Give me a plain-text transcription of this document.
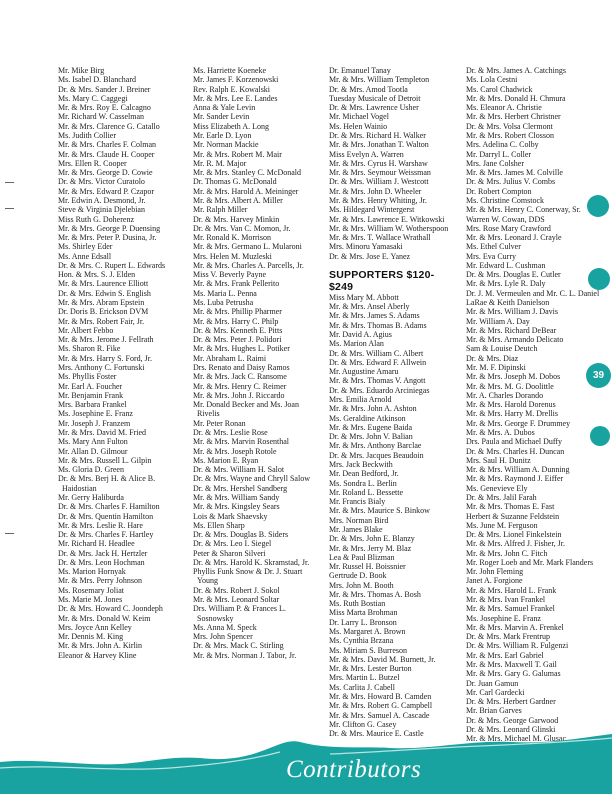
Mr. Mike Birg
Ms. Isabel D. Blanchard
Dr. & Mrs. Sander J. Breiner
Ms. Mary C. Caggegi
Mr. & Mrs. Roy E. Calcagno
Mr. Richard W. Casselman
Mr. & Mrs. Clarence G. Catallo
Ms. Judith Collier
Mr. & Mrs. Charles F. Colman
Mr. & Mrs. Claude H. Cooper
Mrs. Ellen R. Cooper
Mr. & Mrs. George D. Cowie
Dr. & Mrs. Victor Curatolo
Mr. & Mrs. Edward P. Czapor
Mr. Edwin A. Desmond, Jr.
Steve & Virginia Djelebian
Miss Ruth G. Doherenz
Mr. & Mrs. George P. Duensing
Mr. & Mrs. Peter P. Dusina, Jr.
Ms. Shirley Eder
Ms. Anne Edsall
Dr. & Mrs. C. Rupert L. Edwards
Hon. & Mrs. S. J. Elden
Mr. & Mrs. Laurence Elliott
Dr. & Mrs. Edwin S. English
Mr. & Mrs. Abram Epstein
Dr. Doris B. Erickson DVM
Mr. & Mrs. Robert Fair, Jr.
Mr. Albert Febbo
Mr. & Mrs. Jerome J. Fellrath
Ms. Sharon R. Fike
Mr. & Mrs. Harry S. Ford, Jr.
Mrs. Anthony C. Fortunski
Ms. Phyllis Foster
Mr. Earl A. Foucher
Mr. Benjamin Frank
Mrs. Barbara Frankel
Ms. Josephine E. Franz
Mr. Joseph J. Franzem
Mr. & Mrs. David M. Fried
Ms. Mary Ann Fulton
Mr. Allan D. Gilmour
Mr. & Mrs. Russell L. Gilpin
Ms. Gloria D. Green
Dr. & Mrs. Berj H. & Alice B.
Haidostian
Mr. Gerry Haliburda
Dr. & Mrs. Charles F. Hamilton
Dr. & Mrs. Quentin Hamilton
Mr. & Mrs. Leslie R. Hare
Dr. & Mrs. Charles F. Hartley
Mr. Richard H. Headlee
Dr. & Mrs. Jack H. Hertzler
Dr. & Mrs. Leon Hochman
Ms. Marion Hornyak
Mr. & Mrs. Perry Johnson
Ms. Rosemary Joliat
Ms. Marie M. Jones
Dr. & Mrs. Howard C. Joondeph
Mr. & Mrs. Donald W. Keim
Mrs. Joyce Ann Kelley
Mr. Dennis M. King
Mr. & Mrs. John A. Kirlin
Eleanor & Harvey Kline
Ms. Harriette Koeneke
Mr. James F. Korzenowski
Rev. Ralph E. Kowalski
Mr. & Mrs. Lee E. Landes
Anna & Yale Levin
Mr. Sander Levin
Miss Elizabeth A. Long
Mr. Earle D. Lyon
Mr. Norman Mackie
Mr. & Mrs. Robert M. Mair
Mr. R. M. Major
Mr. & Mrs. Stanley C. McDonald
Dr. Thomas G. McDonald
Mr. & Mrs. Harold A. Meininger
Mr. & Mrs. Albert A. Miller
Mr. Ralph Miller
Dr. & Mrs. Harvey Minkin
Dr. & Mrs. Van C. Momon, Jr.
Mr. Ronald K. Morrison
Mr. & Mrs. Germano L. Mularoni
Mrs. Helen M. Muzleski
Mr. & Mrs. Charles A. Parcells, Jr.
Miss V. Beverly Payne
Mr. & Mrs. Frank Pellerito
Ms. Maria L. Penna
Ms. Luba Petrusha
Mr. & Mrs. Phillip Pharmer
Mr. & Mrs. Harry C. Philp
Dr. & Mrs. Kenneth E. Pitts
Dr. & Mrs. Peter J. Polidori
Mr. & Mrs. Hughes L. Potiker
Mr. Abraham L. Raimi
Drs. Renato and Daisy Ramos
Mr. & Mrs. Jack C. Ransome
Mr. & Mrs. Henry C. Reimer
Mr. & Mrs. John J. Riccardo
Mr. Donald Becker and Ms. Joan
Rivelis
Mr. Peter Ronan
Dr. & Mrs. Leslie Rose
Mr. & Mrs. Marvin Rosenthal
Mr. & Mrs. Joseph Rotole
Ms. Marion E. Ryan
Dr. & Mrs. William H. Salot
Dr. & Mrs. Wayne and Chryll Salow
Dr. & Mrs. Hershel Sandberg
Mr. & Mrs. William Sandy
Mr. & Mrs. Kingsley Sears
Lois & Mark Shaevsky
Ms. Ellen Sharp
Dr. & Mrs. Douglas B. Siders
Dr. & Mrs. Leo I. Siegel
Peter & Sharon Silveri
Dr. & Mrs. Harold K. Skramstad, Jr.
Phyllis Funk Snow & Dr. J. Stuart
Young
Dr. & Mrs. Robert J. Sokol
Mr. & Mrs. Leonard Soltar
Drs. William P. & Frances L.
Sosnowsky
Ms. Anna M. Speck
Mrs. John Spencer
Dr. & Mrs. Mack C. Stirling
Mr. & Mrs. Norman J. Tabor, Jr.
Dr. Emanuel Tanay
Mr. & Mrs. William Templeton
Dr. & Mrs. Amod Tootla
Tuesday Musicale of Detroit
Dr. & Mrs. Lawrence Usher
Mr. Michael Vogel
Ms. Helen Wainio
Dr. & Mrs. Richard H. Walker
Mr. & Mrs. Jonathan T. Walton
Miss Evelyn A. Warren
Mr. & Mrs. Cyrus H. Warshaw
Mr. & Mrs. Seymour Weissman
Dr. & Mrs. William J. Westcott
Mr. & Mrs. John D. Wheeler
Mr. & Mrs. Henry Whiting, Jr.
Ms. Hildegard Wintergerst
Mr. & Mrs. Lawrence E. Witkowski
Mr. & Mrs. William W. Wotherspoon
Mr. & Mrs. T. Wallace Wrathall
Mrs. Minoru Yamasaki
Dr. & Mrs. Jose E. Yanez
SUPPORTERS $120- $249
Miss Mary M. Abbott
Mr. & Mrs. Ansel Aberly
Mr. & Mrs. James S. Adams
Mr. & Mrs. Thomas B. Adams
Mr. David A. Agius
Ms. Marion Alan
Dr. & Mrs. William C. Albert
Dr. & Mrs. Edward F. Allwein
Mr. Augustine Amaru
Mr. & Mrs. Thomas V. Angott
Dr. & Mrs. Eduardo Arciniegas
Mrs. Emilia Arnold
Mr. & Mrs. John A. Ashton
Ms. Geraldine Atkinson
Mr. & Mrs. Eugene Baida
Dr. & Mrs. John V. Balian
Mr. & Mrs. Anthony Barclae
Dr. & Mrs. Jacques Beaudoin
Mrs. Jack Beckwith
Mr. Dean Bedford, Jr.
Ms. Sondra L. Berlin
Mr. Roland L. Bessette
Mr. Francis Bialy
Mr. & Mrs. Maurice S. Binkow
Mrs. Norman Bird
Mr. James Blake
Dr. & Mrs. John E. Blanzy
Mr. & Mrs. Jerry M. Blaz
Lea & Paul Blizman
Mr. Russel H. Boissnier
Gertrude D. Book
Mrs. John M. Booth
Mr. & Mrs. Thomas A. Bosh
Ms. Ruth Bostian
Miss Marta Brohman
Dr. Larry L. Bronson
Ms. Margaret A. Brown
Ms. Cynthia Brzana
Ms. Miriam S. Burreson
Mr. & Mrs. David M. Burnett, Jr.
Mr. & Mrs. Lester Burton
Mrs. Martin L. Butzel
Ms. Carlita J. Cabell
Mr. & Mrs. Howard B. Camden
Mr. & Mrs. Robert G. Campbell
Mr. & Mrs. Samuel A. Cascade
Mr. Clifton G. Casey
Dr. & Mrs. Maurice E. Castle
Dr. & Mrs. James A. Catchings
Ms. Lola Cestni
Ms. Carol Chadwick
Mr. & Mrs. Donald H. Chmura
Ms. Eleanor A. Christie
Mr. & Mrs. Herbert Christner
Dr. & Mrs. Volsa Clermont
Mr. & Mrs. Robert Closson
Mrs. Adelina C. Colby
Mr. Darryl L. Coller
Mrs. Jane Colsher
Mr. & Mrs. James M. Colville
Dr. & Mrs. Julius V. Combs
Dr. Robert Compton
Ms. Christine Comstock
Mr. & Mrs. Henry C. Conerway, Sr.
Warren W. Cowan, DDS
Mrs. Rose Mary Crawford
Mr. & Mrs. Leonard J. Crayle
Ms. Ethel Culver
Mrs. Eva Curry
Mr. Edward L. Cushman
Dr. & Mrs. Douglas E. Cutler
Mr. & Mrs. Lyle R. Daly
Dr. J. M. Vermeulen and Mr. C. L. Daniel
LaRae & Keith Danielson
Mr. & Mrs. William J. Davis
Mr. William A. Day
Mr. & Mrs. Richard DeBear
Mr. & Mrs. Armando Delicato
Sam & Louise Deutch
Dr. & Mrs. Diaz
Mr. M. F. Dipinski
Mr. & Mrs. Joseph M. Dobos
Mr. & Mrs. M. G. Doolittle
Mr. A. Charles Dorando
Mr. & Mrs. Harold Dorenus
Mr. & Mrs. Harry M. Drellis
Mr. & Mrs. George F. Drummey
Mr. & Mrs. A. Dubos
Drs. Paula and Michael Duffy
Dr. & Mrs. Charles H. Duncan
Mrs. Saul H. Dunitz
Mr. & Mrs. William A. Dunning
Mr. & Mrs. Raymond J. Eiffer
Ms. Genevieve Ely
Dr. & Mrs. Jalil Farah
Mr. & Mrs. Thomas E. Fast
Herbert & Suzanne Feldstein
Ms. June M. Ferguson
Dr. & Mrs. Lionel Finkelstein
Mr. & Mrs. Alfred J. Fisher, Jr.
Mr. & Mrs. John C. Fitch
Mr. Roger Loeb and Mr. Mark Flanders
Mr. John Fleming
Janet A. Forgione
Mr. & Mrs. Harold L. Frank
Mr. & Mrs. Ivan Frankel
Mr. & Mrs. Samuel Frankel
Ms. Josephine E. Franz
Mr. & Mrs. Marvin A. Frenkel
Dr. & Mrs. Mark Frentrup
Dr. & Mrs. William R. Fulgenzi
Mr. & Mrs. Earl Gabriel
Mr. & Mrs. Maxwell T. Gail
Mr. & Mrs. Gary G. Galumas
Dr. Juan Gamun
Mr. Carl Gardecki
Dr. & Mrs. Herbert Gardner
Mr. Brian Garves
Dr. & Mrs. George Garwood
Dr. & Mrs. Leonard Glinski
Mr. & Mrs. Michael M. Glusac
39
Contributors
